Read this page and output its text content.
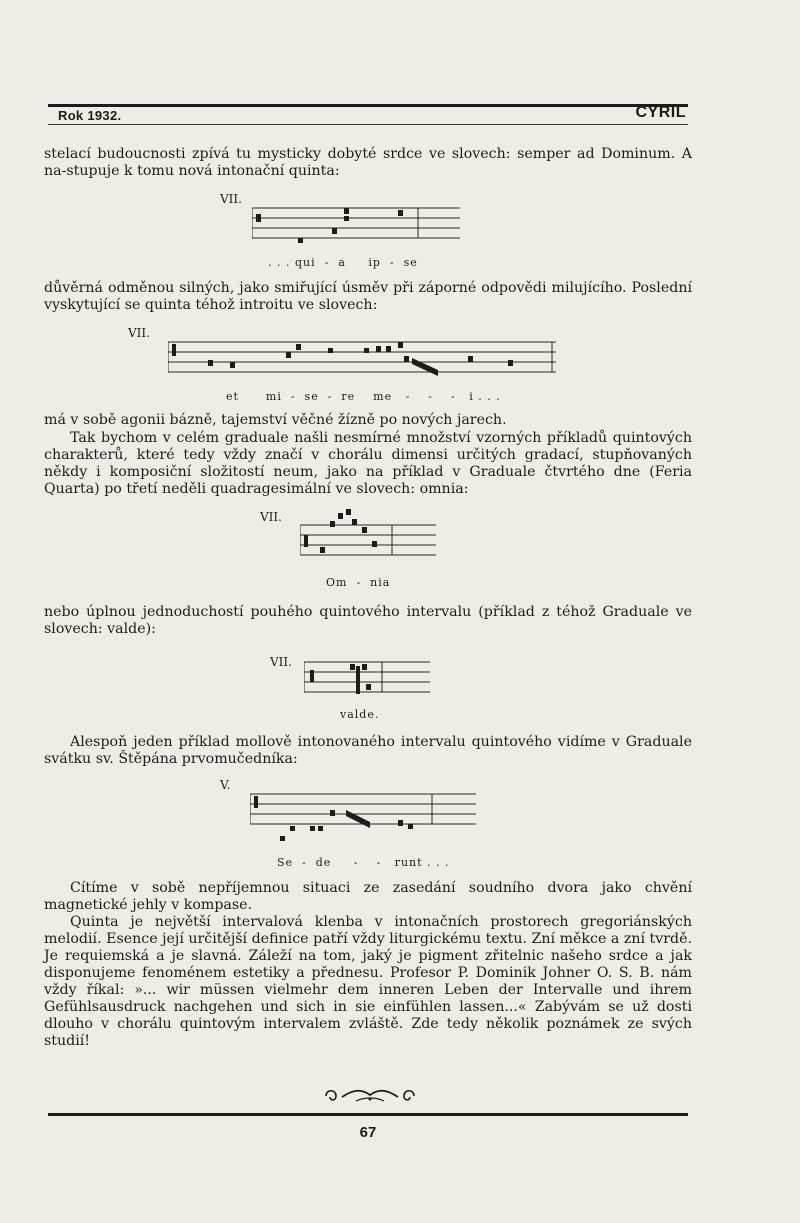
Rok 1932.	CYRIL

stelací budoucnosti zpívá tu mysticky dobyté srdce ve slovech: semper ad Dominum. A na-stupuje k tomu nová intonační quinta:

VII.
. . . qui  -  a     ip  -  se

důvěrná odměnou silných, jako smiřující úsměv při záporné odpovědi milujícího. Poslední vyskytující se quinta téhož introitu ve slovech:

VII.
et      mi  -  se  -  re    me   -    -    -   i . . .

má v sobě agonii bázně, tajemství věčné žízně po nových jarech.

Tak bychom v celém graduale našli nesmírné množství vzorných příkladů quintových charakterů, které tedy vždy značí v chorálu dimensi určitých gradací, stupňovaných někdy i komposiční složitostí neum, jako na příklad v Graduale čtvrtého dne (Feria Quarta) po třetí neděli quadragesimální ve slovech: omnia:

VII.
Om  -  nia

nebo úplnou jednoduchostí pouhého quintového intervalu (příklad z téhož Graduale ve slovech: valde):

VII.
valde.

Alespoň jeden příklad mollově intonovaného intervalu quintového vidíme v Graduale svátku sv. Štěpána prvomučedníka:

V.
Se  -  de     -    -   runt . . .

Cítíme v sobě nepříjemnou situaci ze zasedání soudního dvora jako chvění magnetické jehly v kompase.

Quinta je největší intervalová klenba v intonačních prostorech gregoriánských melodií. Esence její určitější definice patří vždy liturgickému textu. Zní měkce a zní tvrdě. Je requiemská a je slavná. Záleží na tom, jaký je pigment zřitelnic našeho srdce a jak disponujeme fenoménem estetiky a přednesu. Profesor P. Dominik Johner O. S. B. nám vždy říkal: »... wir müssen vielmehr dem inneren Leben der Intervalle und ihrem Gefühlsausdruck nachgehen und sich in sie einfühlen lassen...« Zabývám se už dosti dlouho v chorálu quintovým intervalem zvláště. Zde tedy několik poznámek ze svých studií!

67
